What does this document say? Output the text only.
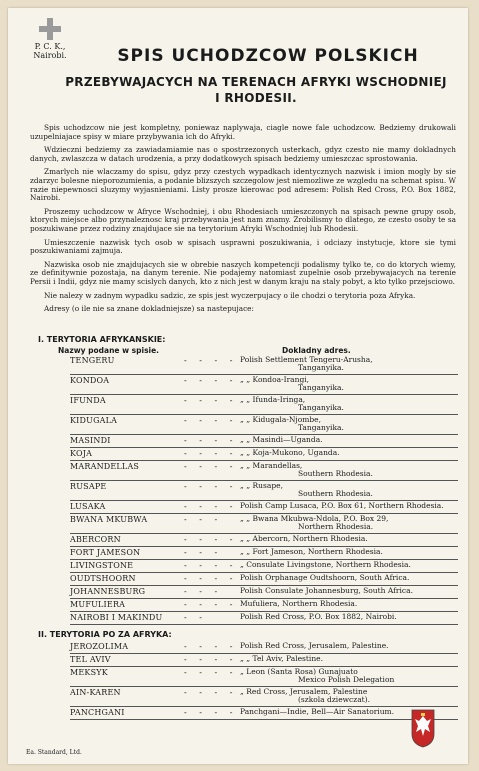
P. C. K.,
Nairobi.	SPIS UCHODZCOW POLSKICH
PRZEBYWAJACYCH NA TERENACH AFRYKI WSCHODNIEJ
I RHODESII.

Spis uchodzcow nie jest kompletny, poniewaz naplywaja, ciagle nowe fale uchodzcow. Bedziemy drukowali uzupelniajace spisy w miare przybywania ich do Afryki.

Wdzieczni bedziemy za zawiadamiamie nas o spostrzezonych usterkach, gdyz czesto nie mamy dokladnych danych, zwlaszcza w datach urodzenia, a przy dodatkowych spisach bedziemy umieszczac sprostowania.

Zmarlych nie wlaczamy do spisu, gdyz przy czestych wypadkach identycznych nazwisk i imion mogly by sie zdarzyc bolesne nieporozumienia, a podanie blizszych szczegolow jest niemozliwe ze wzgledu na schemat spisu. W razie niepewnosci sluzymy wyjasnieniami. Listy prosze kierowac pod adresem: Polish Red Cross, P.O. Box 1882, Nairobi.

Proszemy uchodzcow w Afryce Wschodniej, i obu Rhodesiach umieszczonych na spisach pewne grupy osob, ktorych miejsce albo przynaleznosc kraj przebywania jest nam znamy. Zrobilismy to dlatego, ze czesto osoby te sa poszukiwane przez rodziny znajdujace sie na terytorium Afryki Wschodniej lub Rhodesii.

Umieszczenie nazwisk tych osob w spisach usprawni poszukiwania, i odciazy instytucje, ktore sie tymi poszukiwaniami zajmuja.

Nazwiska osob nie znajdujacych sie w obrebie naszych kompetencji podalismy tylko te, co do ktorych wiemy, ze definitywnie pozostaja, na danym terenie. Nie podajemy natomiast zupelnie osob przebywajacych na terenie Persii i Indii, gdyz nie mamy scislych danych, kto z nich jest w danym kraju na staly pobyt, a kto tylko przejsciowo.

Nie nalezy w zadnym wypadku sadzic, ze spis jest wyczerpujacy o ile chodzi o terytoria poza Afryka.

Adresy (o ile nie sa znane dokladniejsze) sa nastepujace:

I. TERYTORIA AFRYKANSKIE:
Nazwy podane w spisie.	Dokladny adres.
TENGERU	- - - - Polish Settlement Tengeru-Arusha,
Tanganyika.
KONDOA	- - - - „ „ Kondoa-Irangi,
Tanganyika.
IFUNDA	- - - - „ „ Ifunda-Iringa,
Tanganyika.
KIDUGALA	- - - - „ „ Kidugala-Njombe,
Tanganyika.
MASINDI	- - - - „ „ Masindi—Uganda.
KOJA	- - - - „ „ Koja-Mukono, Uganda.
MARANDELLAS	- - - - „ „ Marandellas,
Southern Rhodesia.
RUSAPE	- - - - „ „ Rusape,
Southern Rhodesia.
LUSAKA	- - - - Polish Camp Lusaca, P.O. Box 61, Northern Rhodesia.
BWANA MKUBWA	- - - „ „ Bwana Mkubwa-Ndola, P.O. Box 29,
Northern Rhodesia.
ABERCORN	- - - - „ „ Abercorn, Northern Rhodesia.
FORT JAMESON	- - - „ „ Fort Jameson, Northern Rhodesia.
LIVINGSTONE	- - - - „ Consulate Livingstone, Northern Rhodesia.
OUDTSHOORN	- - - - Polish Orphanage Oudtshoorn, South Africa.
JOHANNESBURG	- - - Polish Consulate Johannesburg, South Africa.
MUFULIERA	- - - - Mufuliera, Northern Rhodesia.
NAIROBI I MAKINDU	- -	Polish Red Cross, P.O. Box 1882, Nairobi.
II. TERYTORIA PO ZA AFRYKA:
JEROZOLIMA	- - - - Polish Red Cross, Jerusalem, Palestine.
TEL AVIV	- - - - „ „ Tel Aviv, Palestine.
MEKSYK	- - - - „ Leon (Santa Rosa) Gunajuato
Mexico Polish Delegation
AIN-KAREN	- - - - „ Red Cross, Jerusalem, Palestine
(szkola dziewczat).
PANCHGANI	- - - - Panchgani—Indie, Bell—Air Sanatorium.
Ea. Standard, Ltd.
